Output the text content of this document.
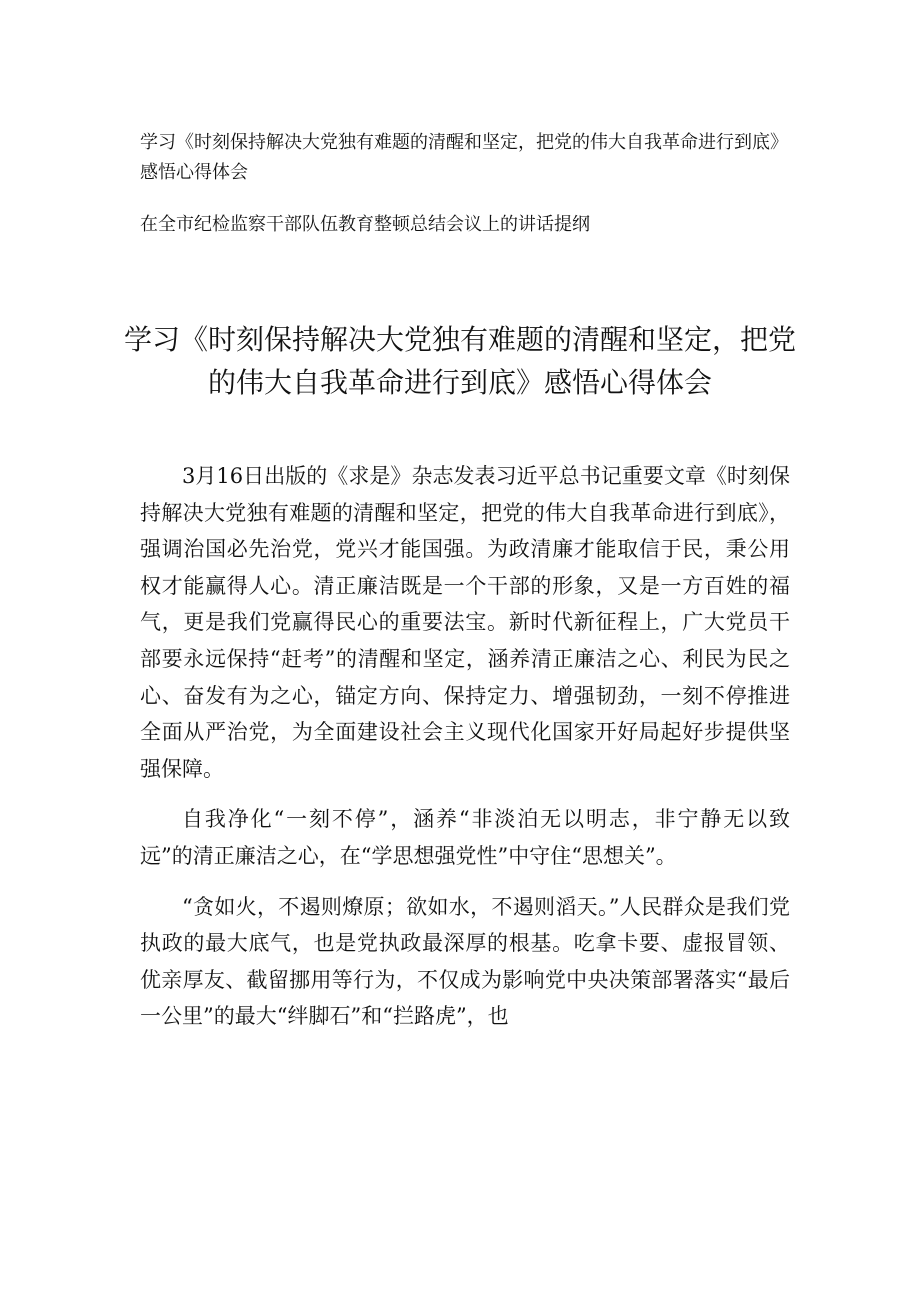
学习《时刻保持解决大党独有难题的清醒和坚定，把党的伟大自我革命进行到底》感悟心得体会
在全市纪检监察干部队伍教育整顿总结会议上的讲话提纲
学习《时刻保持解决大党独有难题的清醒和坚定，把党的伟大自我革命进行到底》感悟心得体会

3月16日出版的《求是》杂志发表习近平总书记重要文章《时刻保持解决大党独有难题的清醒和坚定，把党的伟大自我革命进行到底》，强调治国必先治党，党兴才能国强。为政清廉才能取信于民，秉公用权才能赢得人心。清正廉洁既是一个干部的形象，又是一方百姓的福气，更是我们党赢得民心的重要法宝。新时代新征程上，广大党员干部要永远保持“赶考”的清醒和坚定，涵养清正廉洁之心、利民为民之心、奋发有为之心，锚定方向、保持定力、增强韧劲，一刻不停推进全面从严治党，为全面建设社会主义现代化国家开好局起好步提供坚强保障。

自我净化“一刻不停”，涵养“非淡泊无以明志，非宁静无以致远”的清正廉洁之心，在“学思想强党性”中守住“思想关”。

“贪如火，不遏则燎原；欲如水，不遏则滔天。”人民群众是我们党执政的最大底气，也是党执政最深厚的根基。吃拿卡要、虚报冒领、优亲厚友、截留挪用等行为，不仅成为影响党中央决策部署落实“最后一公里”的最大“绊脚石”和“拦路虎”，也
